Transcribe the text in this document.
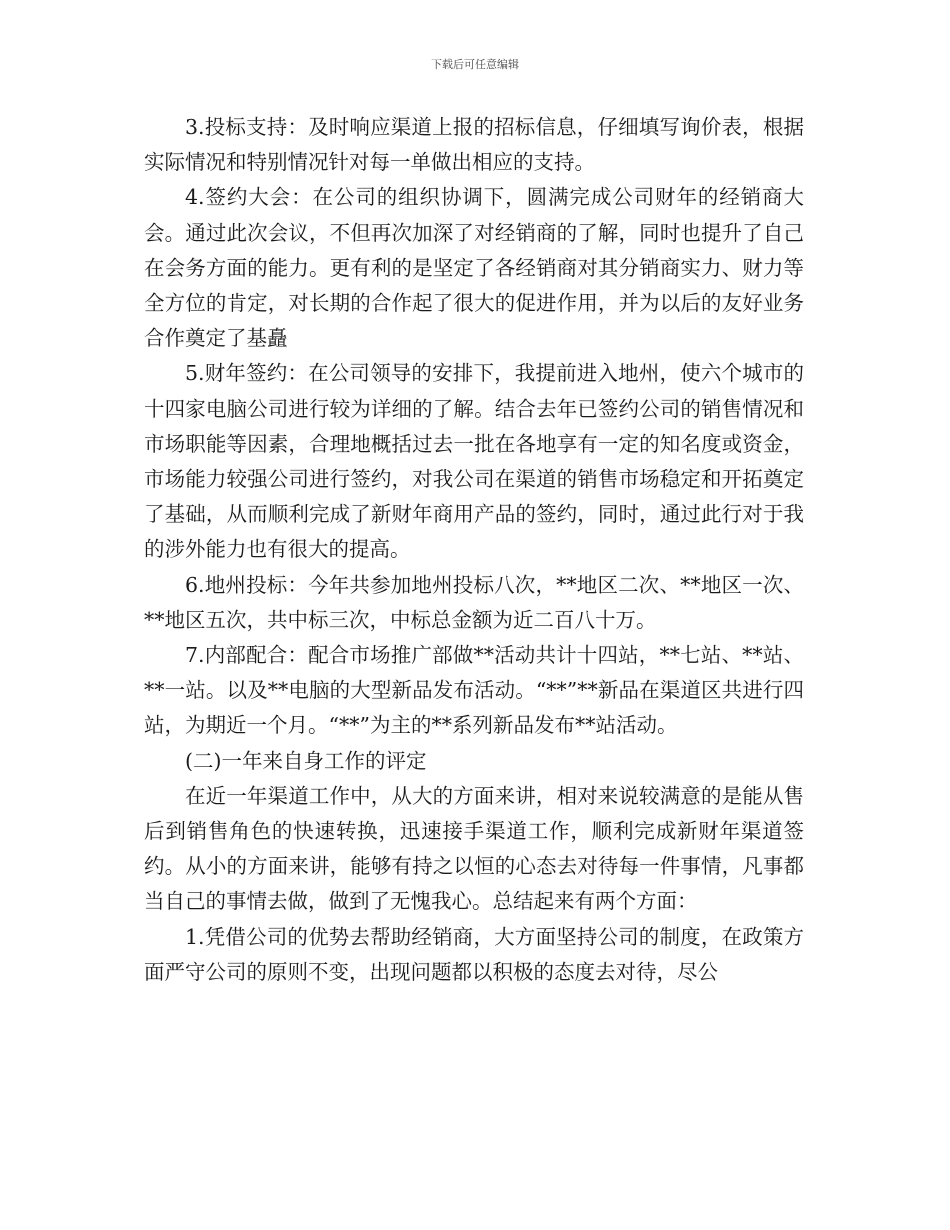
下载后可任意编辑

3.投标支持：及时响应渠道上报的招标信息，仔细填写询价表，根据实际情况和特别情况针对每一单做出相应的支持。

4.签约大会：在公司的组织协调下，圆满完成公司财年的经销商大会。通过此次会议，不但再次加深了对经销商的了解，同时也提升了自己在会务方面的能力。更有利的是坚定了各经销商对其分销商实力、财力等全方位的肯定，对长期的合作起了很大的促进作用，并为以后的友好业务合作奠定了基矗

5.财年签约：在公司领导的安排下，我提前进入地州，使六个城市的十四家电脑公司进行较为详细的了解。结合去年已签约公司的销售情况和市场职能等因素，合理地概括过去一批在各地享有一定的知名度或资金，市场能力较强公司进行签约，对我公司在渠道的销售市场稳定和开拓奠定了基础，从而顺利完成了新财年商用产品的签约，同时，通过此行对于我的涉外能力也有很大的提高。

6.地州投标：今年共参加地州投标八次，**地区二次、**地区一次、**地区五次，共中标三次，中标总金额为近二百八十万。

7.内部配合：配合市场推广部做**活动共计十四站，**七站、**站、**一站。以及**电脑的大型新品发布活动。“**”**新品在渠道区共进行四站，为期近一个月。“**”为主的**系列新品发布**站活动。

(二)一年来自身工作的评定

在近一年渠道工作中，从大的方面来讲，相对来说较满意的是能从售后到销售角色的快速转换，迅速接手渠道工作，顺利完成新财年渠道签约。从小的方面来讲，能够有持之以恒的心态去对待每一件事情，凡事都当自己的事情去做，做到了无愧我心。总结起来有两个方面：

1.凭借公司的优势去帮助经销商，大方面坚持公司的制度，在政策方面严守公司的原则不变，出现问题都以积极的态度去对待，尽公
